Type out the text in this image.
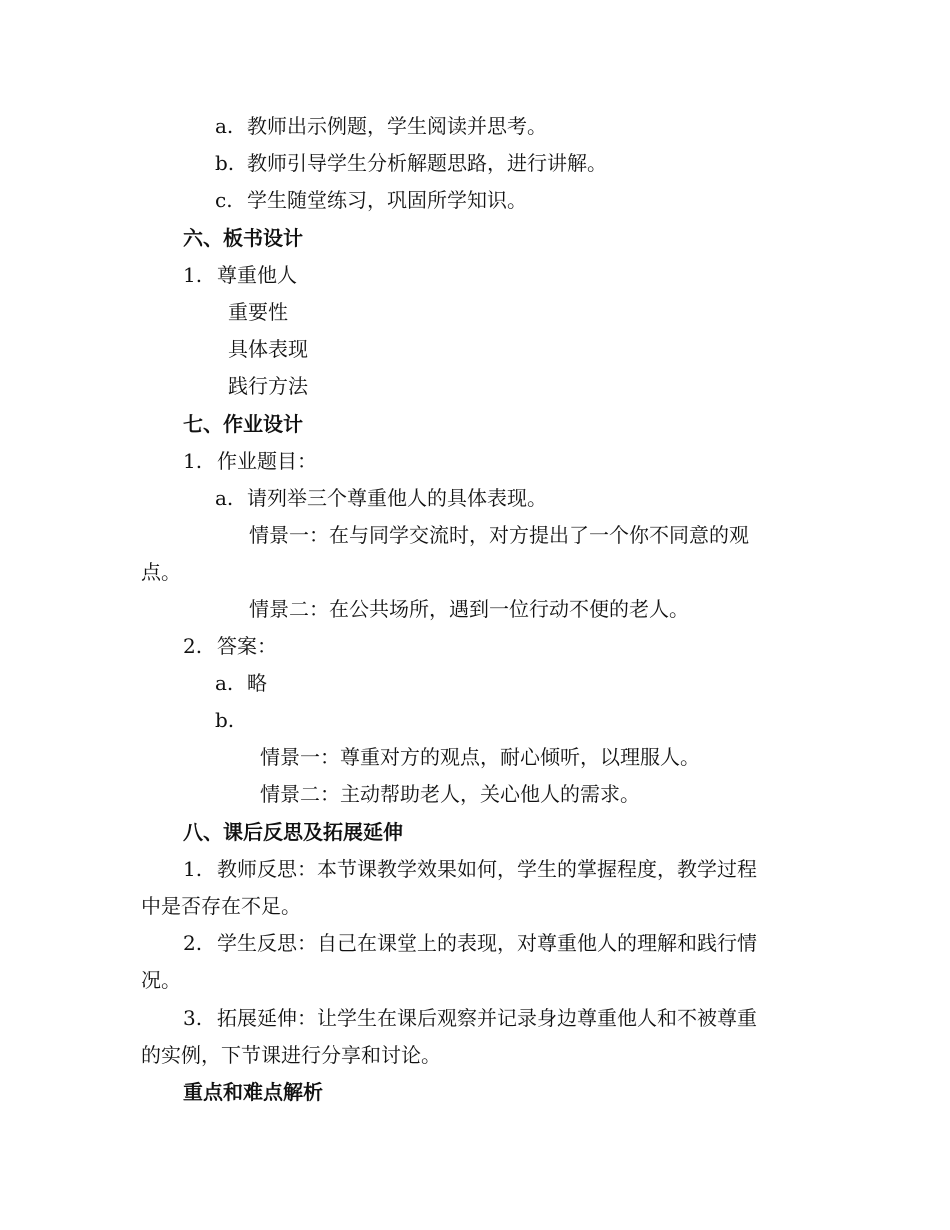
a. 教师出示例题，学生阅读并思考。
b. 教师引导学生分析解题思路，进行讲解。
c. 学生随堂练习，巩固所学知识。
六、板书设计
1. 尊重他人
重要性
具体表现
践行方法
七、作业设计
1. 作业题目：
a. 请列举三个尊重他人的具体表现。
情景一：在与同学交流时，对方提出了一个你不同意的观
点。
情景二：在公共场所，遇到一位行动不便的老人。
2. 答案：
a. 略
b.
情景一：尊重对方的观点，耐心倾听，以理服人。
情景二：主动帮助老人，关心他人的需求。
八、课后反思及拓展延伸
1. 教师反思：本节课教学效果如何，学生的掌握程度，教学过程
中是否存在不足。
2. 学生反思：自己在课堂上的表现，对尊重他人的理解和践行情
况。
3. 拓展延伸：让学生在课后观察并记录身边尊重他人和不被尊重
的实例，下节课进行分享和讨论。
重点和难点解析
